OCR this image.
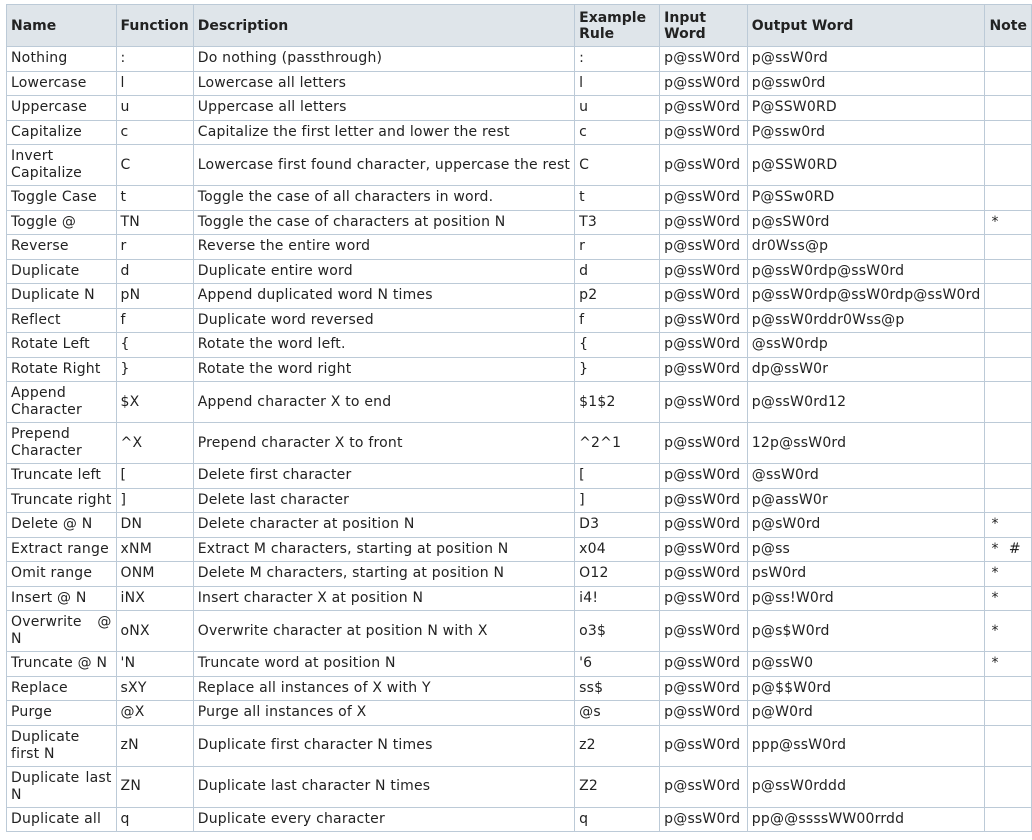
Name	Function	Description	Example Rule	Input Word	Output Word	Note
Nothing	:	Do nothing (passthrough)	:	p@ssW0rd	p@ssW0rd	
Lowercase	l	Lowercase all letters	l	p@ssW0rd	p@ssw0rd	
Uppercase	u	Uppercase all letters	u	p@ssW0rd	P@SSW0RD	
Capitalize	c	Capitalize the first letter and lower the rest	c	p@ssW0rd	P@ssw0rd	
Invert Capitalize	C	Lowercase first found character, uppercase the rest	C	p@ssW0rd	p@SSW0RD	
Toggle Case	t	Toggle the case of all characters in word.	t	p@ssW0rd	P@SSw0RD	
Toggle @	TN	Toggle the case of characters at position N	T3	p@ssW0rd	p@sSW0rd	*
Reverse	r	Reverse the entire word	r	p@ssW0rd	dr0Wss@p	
Duplicate	d	Duplicate entire word	d	p@ssW0rd	p@ssW0rdp@ssW0rd	
Duplicate N	pN	Append duplicated word N times	p2	p@ssW0rd	p@ssW0rdp@ssW0rdp@ssW0rd	
Reflect	f	Duplicate word reversed	f	p@ssW0rd	p@ssW0rddr0Wss@p	
Rotate Left	{	Rotate the word left.	{	p@ssW0rd	@ssW0rdp	
Rotate Right	}	Rotate the word right	}	p@ssW0rd	dp@ssW0r	
Append Character	$X	Append character X to end	$1$2	p@ssW0rd	p@ssW0rd12	
Prepend Character	^X	Prepend character X to front	^2^1	p@ssW0rd	12p@ssW0rd	
Truncate left	[	Delete first character	[	p@ssW0rd	@ssW0rd	
Truncate right	]	Delete last character	]	p@ssW0rd	p@assW0r	
Delete @ N	DN	Delete character at position N	D3	p@ssW0rd	p@sW0rd	*
Extract range	xNM	Extract M characters, starting at position N	x04	p@ssW0rd	p@ss	* #
Omit range	ONM	Delete M characters, starting at position N	O12	p@ssW0rd	psW0rd	*
Insert @ N	iNX	Insert character X at position N	i4!	p@ssW0rd	p@ss!W0rd	*
Overwrite @ N	oNX	Overwrite character at position N with X	o3$	p@ssW0rd	p@s$W0rd	*
Truncate @ N	'N	Truncate word at position N	'6	p@ssW0rd	p@ssW0	*
Replace	sXY	Replace all instances of X with Y	ss$	p@ssW0rd	p@$$W0rd	
Purge	@X	Purge all instances of X	@s	p@ssW0rd	p@W0rd	
Duplicate first N	zN	Duplicate first character N times	z2	p@ssW0rd	ppp@ssW0rd	
Duplicate last N	ZN	Duplicate last character N times	Z2	p@ssW0rd	p@ssW0rddd	
Duplicate all	q	Duplicate every character	q	p@ssW0rd	pp@@ssssWW00rrdd	
